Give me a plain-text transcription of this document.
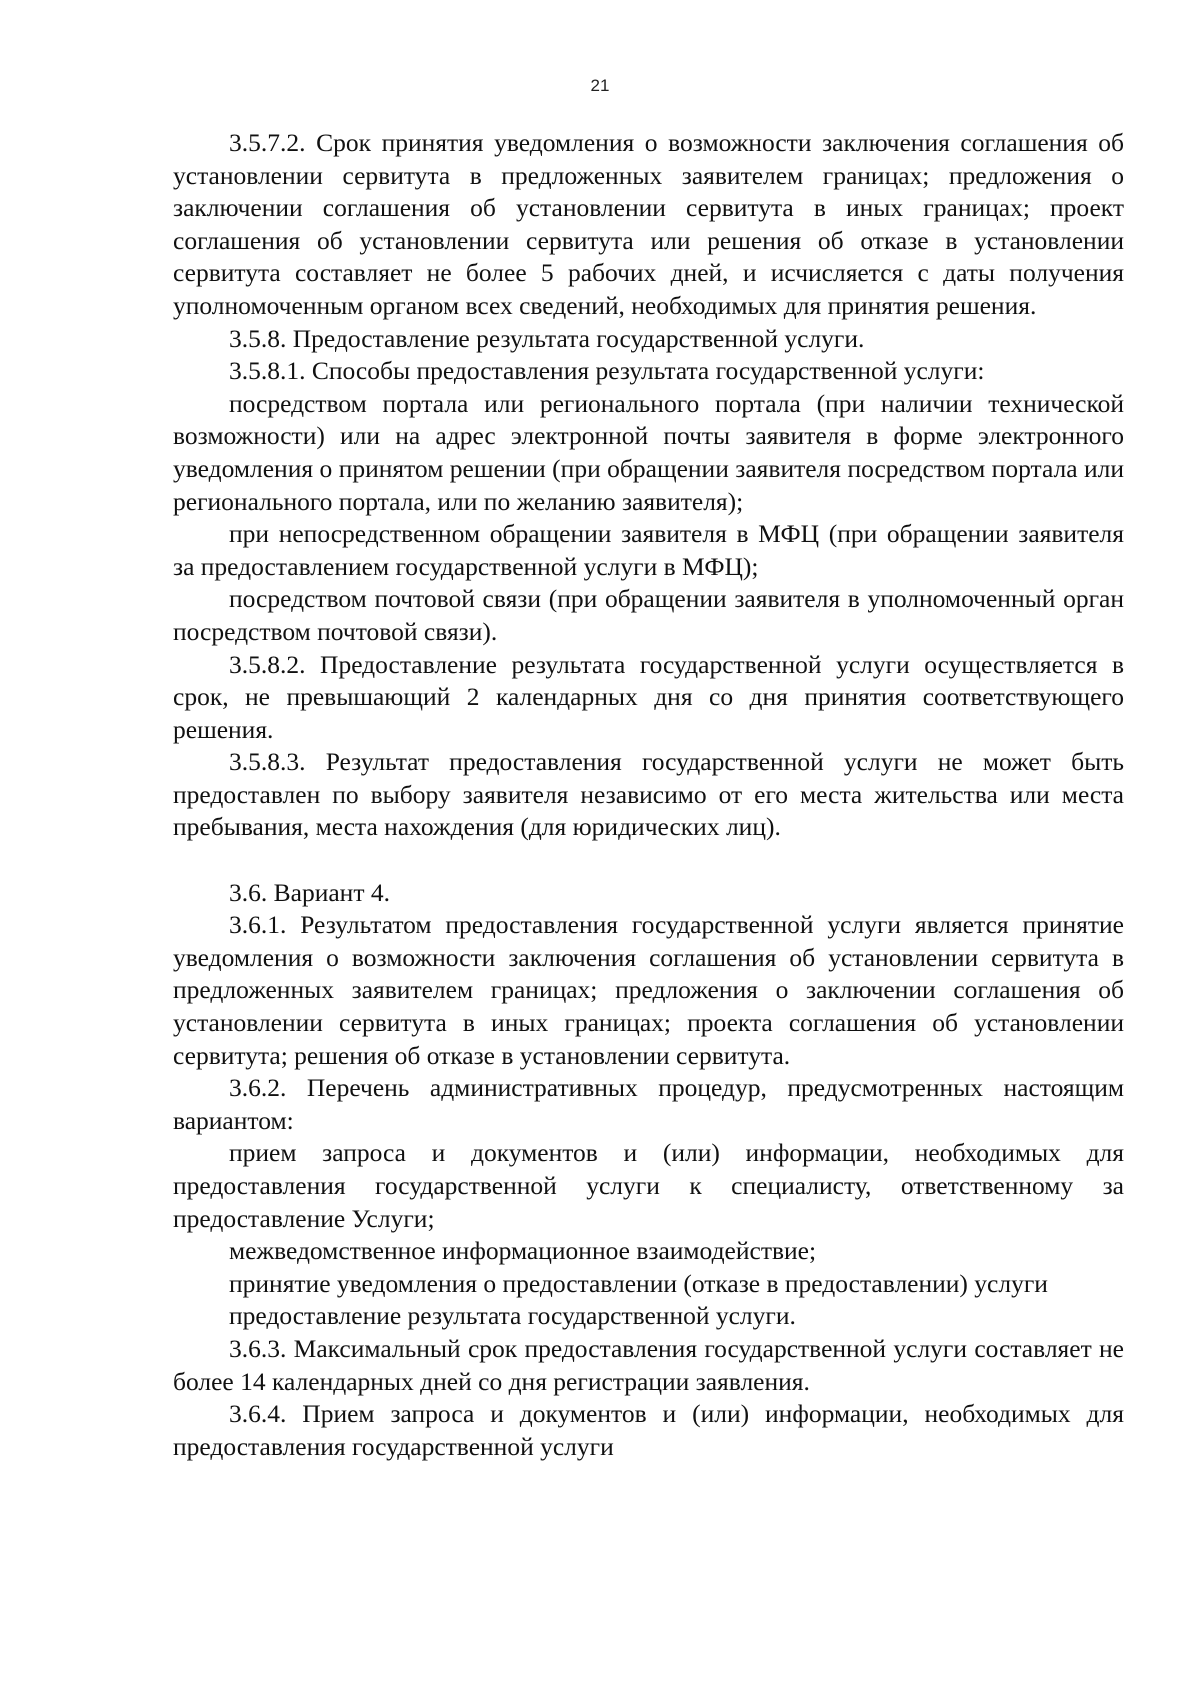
21

3.5.7.2. Срок принятия уведомления о возможности заключения соглашения об установлении сервитута в предложенных заявителем границах; предложения о заключении соглашения об установлении сервитута в иных границах; проект соглашения об установлении сервитута или решения об отказе в установлении сервитута составляет не более 5 рабочих дней, и исчисляется с даты получения уполномоченным органом всех сведений, необходимых для принятия решения.

3.5.8. Предоставление результата государственной услуги.

3.5.8.1. Способы предоставления результата государственной услуги:

посредством портала или регионального портала (при наличии технической возможности) или на адрес электронной почты заявителя в форме электронного уведомления о принятом решении (при обращении заявителя посредством портала или регионального портала, или по желанию заявителя);

при непосредственном обращении заявителя в МФЦ (при обращении заявителя за предоставлением государственной услуги в МФЦ);

посредством почтовой связи (при обращении заявителя в уполномоченный орган посредством почтовой связи).

3.5.8.2. Предоставление результата государственной услуги осуществляется в срок, не превышающий 2 календарных дня со дня принятия соответствующего решения.

3.5.8.3. Результат предоставления государственной услуги не может быть предоставлен по выбору заявителя независимо от его места жительства или места пребывания, места нахождения (для юридических лиц).

3.6. Вариант 4.

3.6.1. Результатом предоставления государственной услуги является принятие уведомления о возможности заключения соглашения об установлении сервитута в предложенных заявителем границах; предложения о заключении соглашения об установлении сервитута в иных границах; проекта соглашения об установлении сервитута; решения об отказе в установлении сервитута.

3.6.2. Перечень административных процедур, предусмотренных настоящим вариантом:

прием запроса и документов и (или) информации, необходимых для предоставления государственной услуги к специалисту, ответственному за предоставление Услуги;

межведомственное информационное взаимодействие;

принятие уведомления о предоставлении (отказе в предоставлении) услуги

предоставление результата государственной услуги.

3.6.3. Максимальный срок предоставления государственной услуги составляет не более 14 календарных дней со дня регистрации заявления.

3.6.4. Прием запроса и документов и (или) информации, необходимых для предоставления государственной услуги
